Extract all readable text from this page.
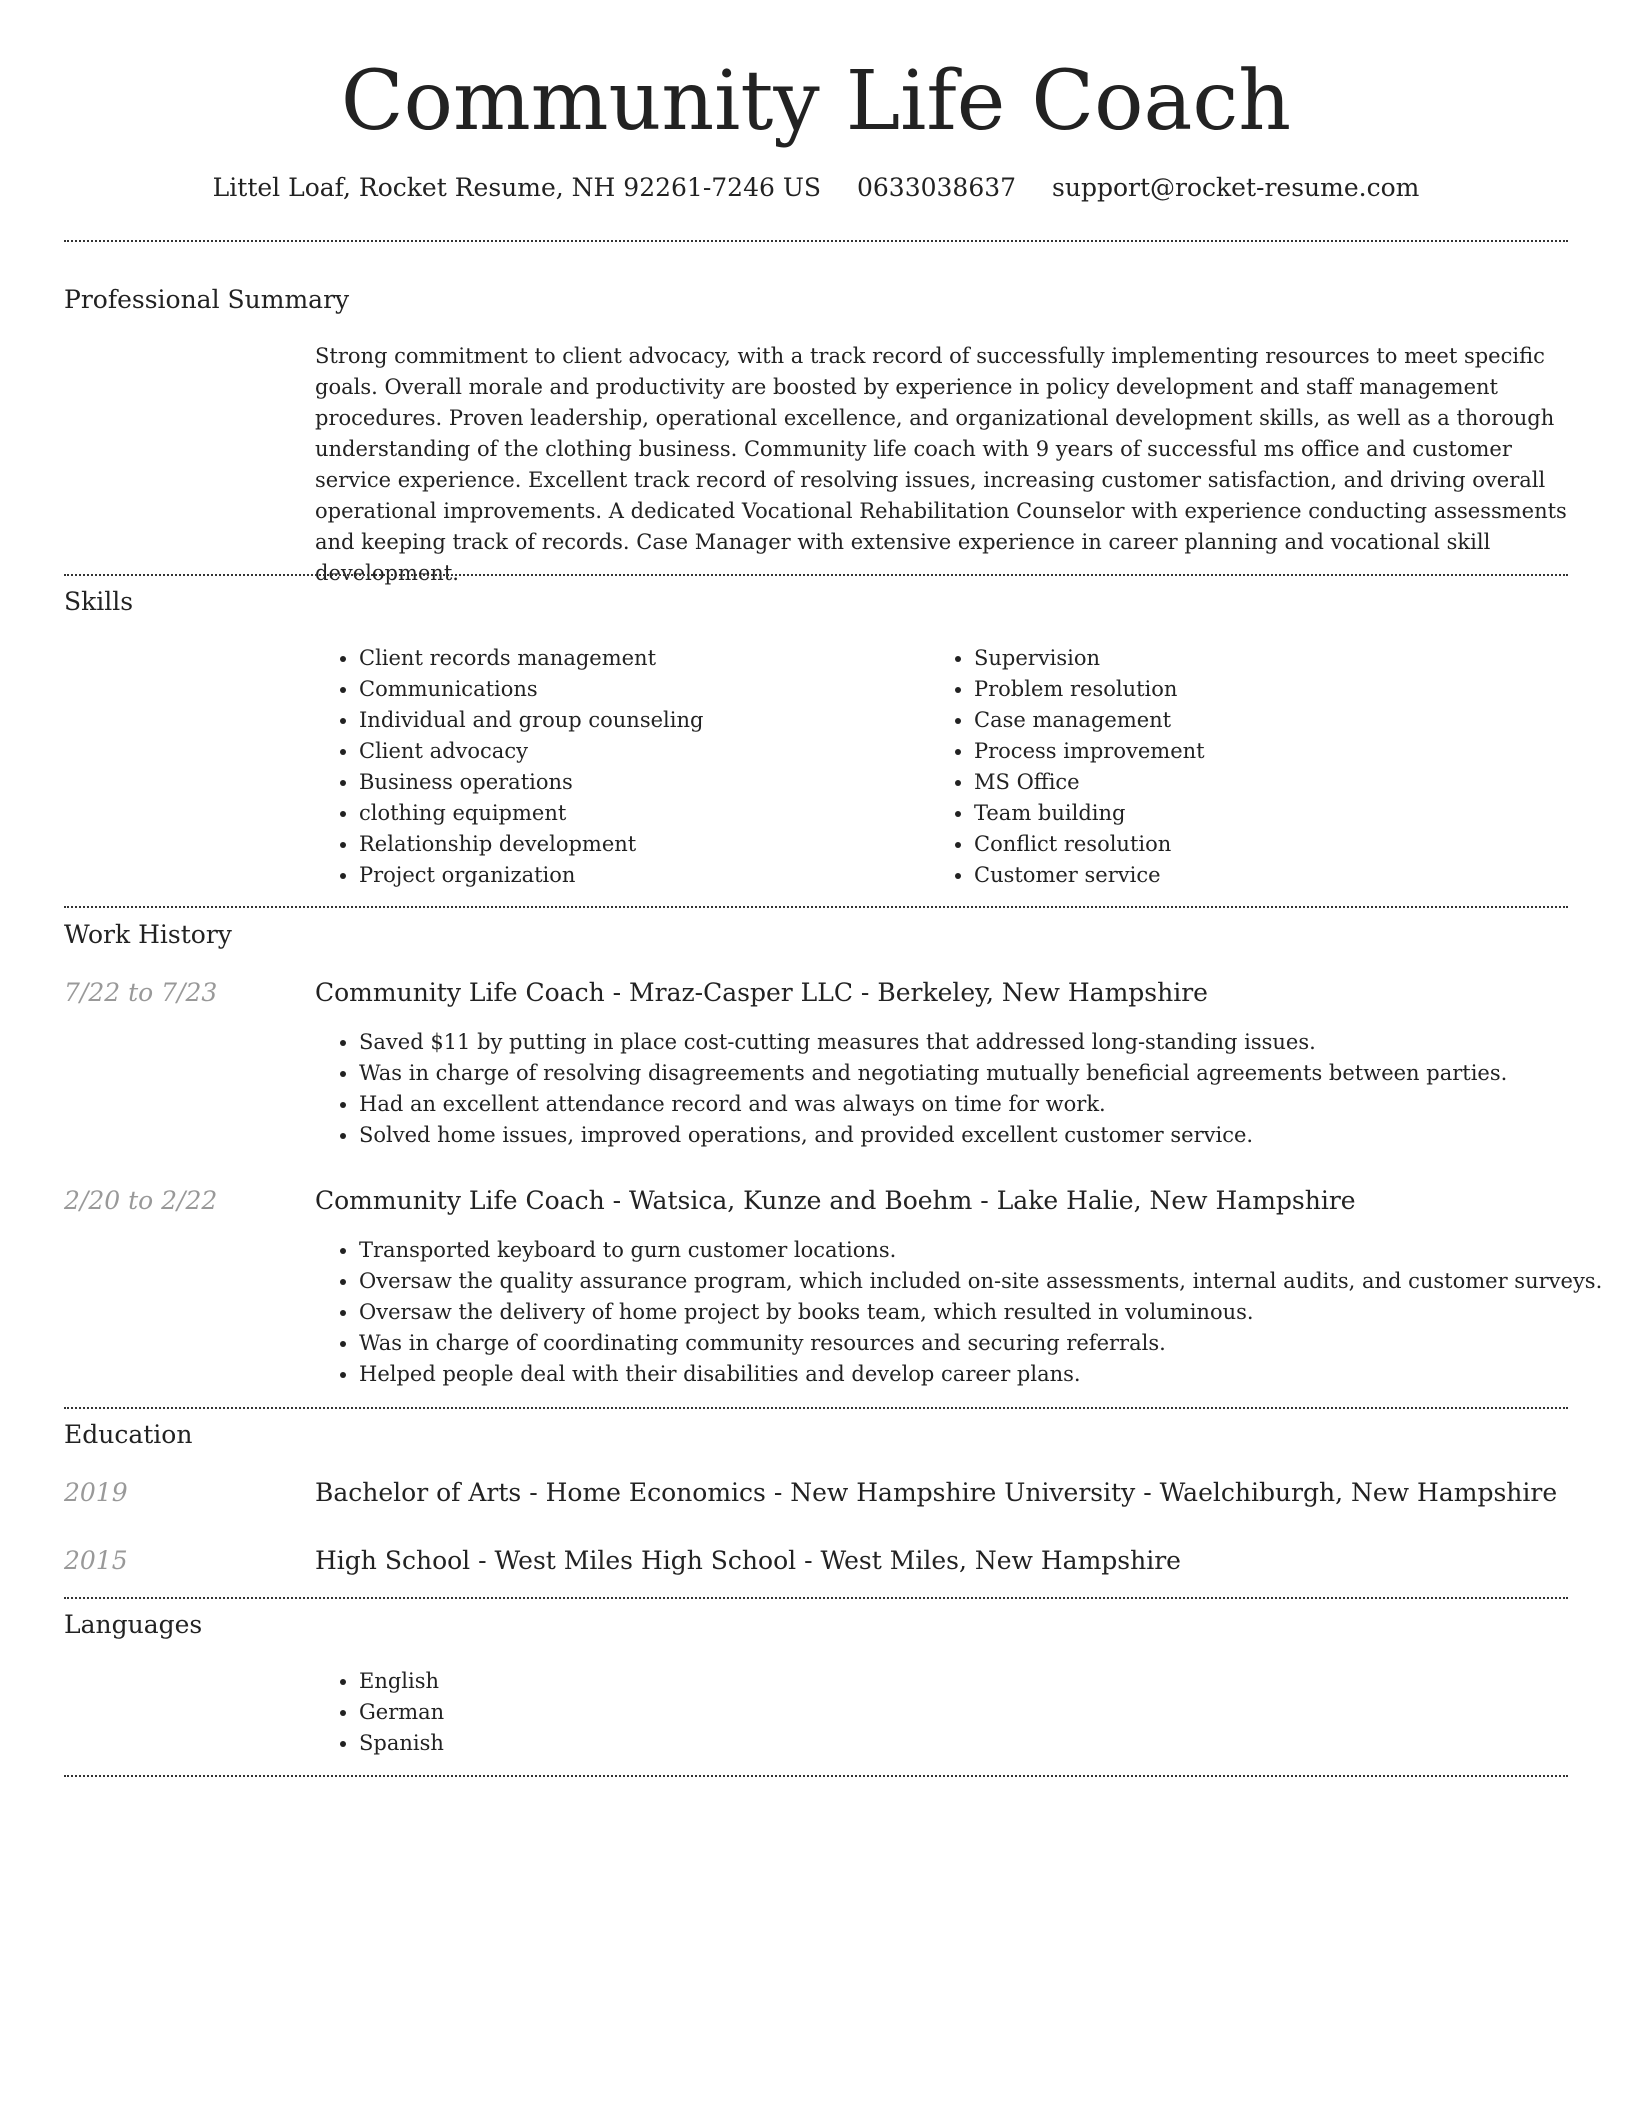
Community Life Coach
Littel Loaf, Rocket Resume, NH 92261-7246 US 0633038637 support@rocket-resume.com
Professional Summary

Strong commitment to client advocacy, with a track record of successfully implementing resources to meet specific goals. Overall morale and productivity are boosted by experience in policy development and staff management procedures. Proven leadership, operational excellence, and organizational development skills, as well as a thorough understanding of the clothing business. Community life coach with 9 years of successful ms office and customer service experience. Excellent track record of resolving issues, increasing customer satisfaction, and driving overall operational improvements. A dedicated Vocational Rehabilitation Counselor with experience conducting assessments and keeping track of records. Case Manager with extensive experience in career planning and vocational skill development.

Skills
• Client records management
• Communications
• Individual and group counseling
• Client advocacy
• Business operations
• clothing equipment
• Relationship development
• Project organization
• Supervision
• Problem resolution
• Case management
• Process improvement
• MS Office
• Team building
• Conflict resolution
• Customer service
Work History
7/22 to 7/23	Community Life Coach - Mraz-Casper LLC - Berkeley, New Hampshire
• Saved $11 by putting in place cost-cutting measures that addressed long-standing issues.
• Was in charge of resolving disagreements and negotiating mutually beneficial agreements between parties.
• Had an excellent attendance record and was always on time for work.
• Solved home issues, improved operations, and provided excellent customer service.
2/20 to 2/22	Community Life Coach - Watsica, Kunze and Boehm - Lake Halie, New Hampshire
• Transported keyboard to gurn customer locations.
• Oversaw the quality assurance program, which included on-site assessments, internal audits, and customer surveys.
• Oversaw the delivery of home project by books team, which resulted in voluminous.
• Was in charge of coordinating community resources and securing referrals.
• Helped people deal with their disabilities and develop career plans.
Education
2019	Bachelor of Arts - Home Economics - New Hampshire University - Waelchiburgh, New Hampshire
2015	High School - West Miles High School - West Miles, New Hampshire
Languages
• English
• German
• Spanish
